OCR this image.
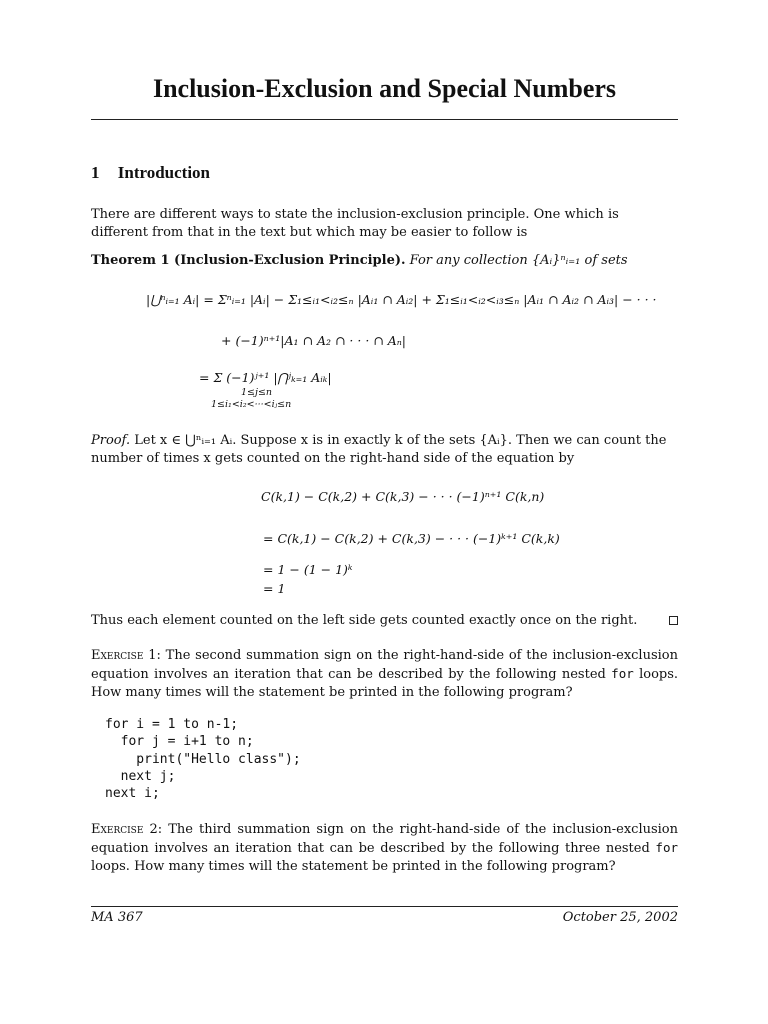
Inclusion-Exclusion and Special Numbers
1 Introduction

There are different ways to state the inclusion-exclusion principle. One which is different from that in the text but which may be easier to follow is

Theorem 1 (Inclusion-Exclusion Principle). For any collection {Aᵢ}ⁿᵢ₌₁ of sets

|⋃ⁿᵢ₌₁ Aᵢ| = Σⁿᵢ₌₁ |Aᵢ| − Σ₁≤ᵢ₁<ᵢ₂≤ₙ |Aᵢ₁ ∩ Aᵢ₂| + Σ₁≤ᵢ₁<ᵢ₂<ᵢ₃≤ₙ |Aᵢ₁ ∩ Aᵢ₂ ∩ Aᵢ₃| − · · ·
+ (−1)ⁿ⁺¹|A₁ ∩ A₂ ∩ · · · ∩ Aₙ|
= Σ (−1)ʲ⁺¹ |⋂ʲₖ₌₁ Aᵢₖ|
1≤j≤n
1≤i₁<i₂<···<iⱼ≤n

Proof. Let x ∈ ⋃ⁿᵢ₌₁ Aᵢ. Suppose x is in exactly k of the sets {Aᵢ}. Then we can count the number of times x gets counted on the right-hand side of the equation by

C(k,1) − C(k,2) + C(k,3) − · · · (−1)ⁿ⁺¹ C(k,n)
= C(k,1) − C(k,2) + C(k,3) − · · · (−1)ᵏ⁺¹ C(k,k)
= 1 − (1 − 1)ᵏ
= 1

Thus each element counted on the left side gets counted exactly once on the right.

Exercise 1: The second summation sign on the right-hand-side of the inclusion-exclusion equation involves an iteration that can be described by the following nested for loops. How many times will the statement be printed in the following program?

for i = 1 to n-1;
for j = i+1 to n;
print("Hello class");
next j;
next i;

Exercise 2: The third summation sign on the right-hand-side of the inclusion-exclusion equation involves an iteration that can be described by the following three nested for loops. How many times will the statement be printed in the following program?

MA 367	October 25, 2002
